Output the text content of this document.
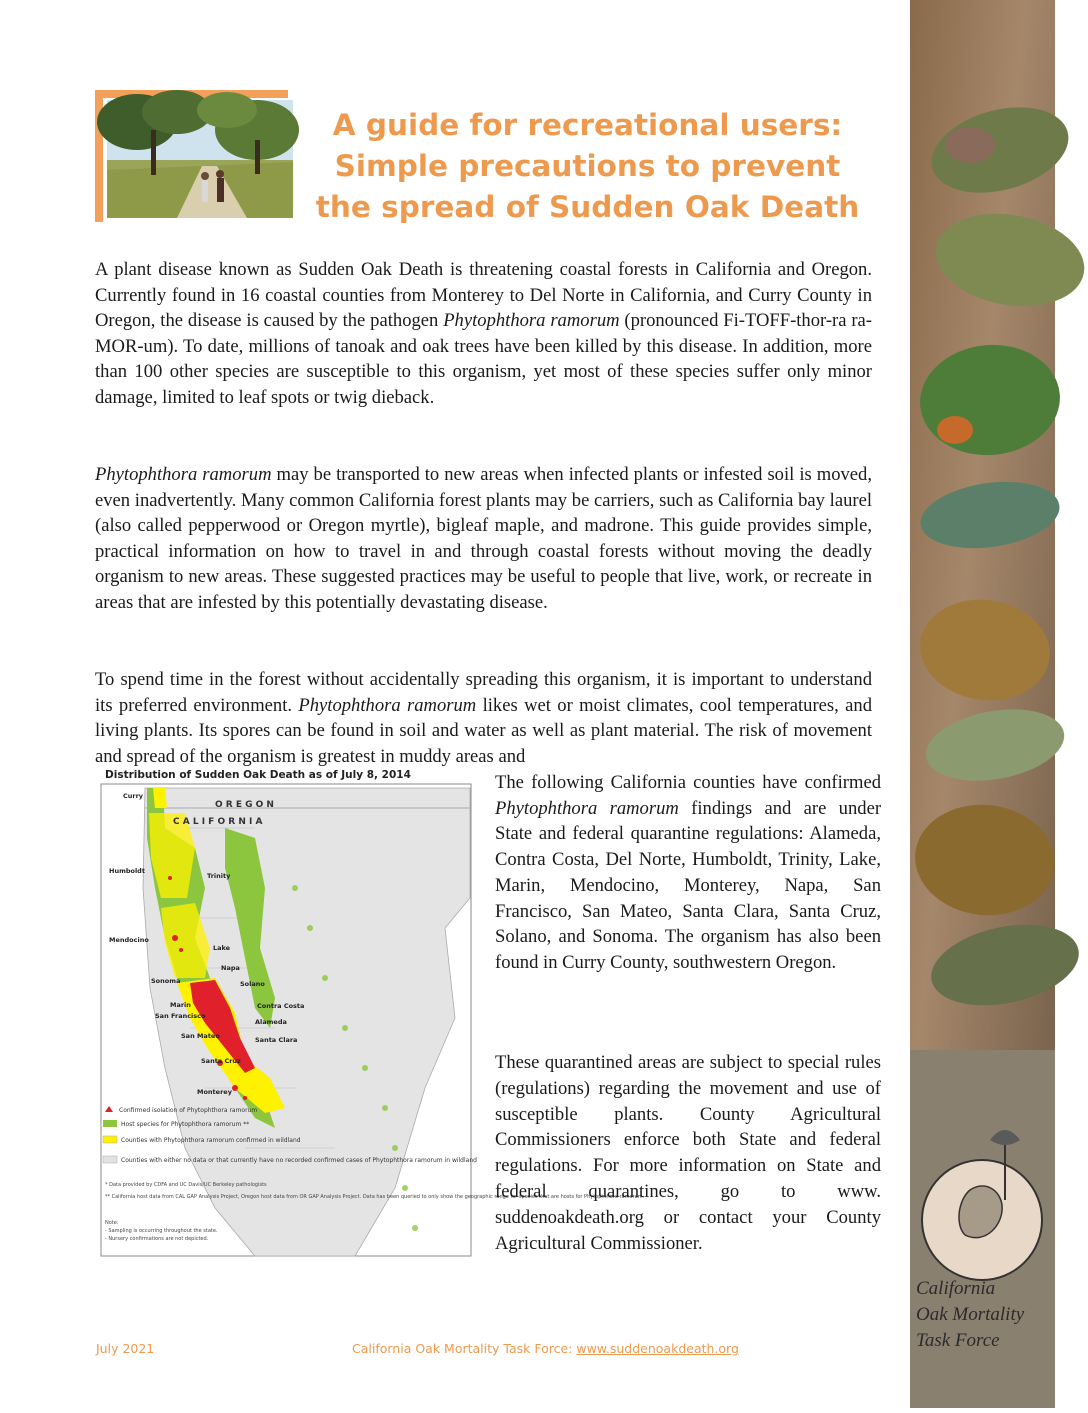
A guide for recreational users:
Simple precautions to prevent
the spread of Sudden Oak Death

A plant disease known as Sudden Oak Death is threatening coastal forests in California and Oregon. Currently found in 16 coastal counties from Monterey to Del Norte in California, and Curry County in Oregon, the disease is caused by the pathogen Phytophthora ramorum (pronounced Fi-TOFF-thor-ra ra-MOR-um). To date, millions of tanoak and oak trees have been killed by this disease. In addition, more than 100 other species are susceptible to this organism, yet most of these species suffer only minor damage, limited to leaf spots or twig dieback.

Phytophthora ramorum may be transported to new areas when infected plants or infested soil is moved, even inadvertently. Many common California forest plants may be carriers, such as California bay laurel (also called pepperwood or Oregon myrtle), bigleaf maple, and madrone. This guide provides simple, practical information on how to travel in and through coastal forests without moving the deadly organism to new areas. These suggested practices may be useful to people that live, work, or recreate in areas that are infested by this potentially devastating disease.

To spend time in the forest without accidentally spreading this organism, it is important to understand its preferred environment. Phytophthora ramorum likes wet or moist climates, cool temperatures, and living plants. Its spores can be found in soil and water as well as plant material. The risk of movement and spread of the organism is greatest in muddy areas and

Distribution of Sudden Oak Death as of July 8, 2014
O R E G O N
C A L I F O R N I A
Curry
Humboldt
Trinity
Mendocino
Lake
Napa
Sonoma	Solano
Contra Costa
Marin
San Francisco
Alameda
San Mateo	Santa Clara
Santa Cruz
Monterey
Confirmed isolation of Phytophthora ramorum
Host species for Phytophthora ramorum **
Counties with Phytophthora ramorum confirmed in wildland
Counties with either no data or that currently have no recorded confirmed cases of Phytophthora ramorum in wildland
* Data provided by CDFA and UC Davis/UC Berkeley pathologists
** California host data from CAL GAP Analysis Project, Oregon host data from OR GAP Analysis Project. Data has been queried to only show the geographic range for species that are hosts for Phytophthora ramorum.
Note:
- Sampling is occurring throughout the state.
- Nursery confirmations are not depicted.

The following California counties have confirmed Phytophthora ramorum findings and are under State and federal quarantine regulations: Alameda, Contra Costa, Del Norte, Humboldt, Trinity, Lake, Marin, Mendocino, Monterey, Napa, San Francisco, San Mateo, Santa Clara, Santa Cruz, Solano, and Sonoma. The organism has also been found in Curry County, southwestern Oregon.

These quarantined areas are subject to special rules (regulations) regarding the movement and use of susceptible plants. County Agricultural Commissioners enforce both State and federal regulations. For more information on State and federal quarantines, go to www. suddenoakdeath.org or contact your County Agricultural Commissioner.

July 2021	California Oak Mortality Task Force: www.suddenoakdeath.org
California
Oak Mortality
Task Force
